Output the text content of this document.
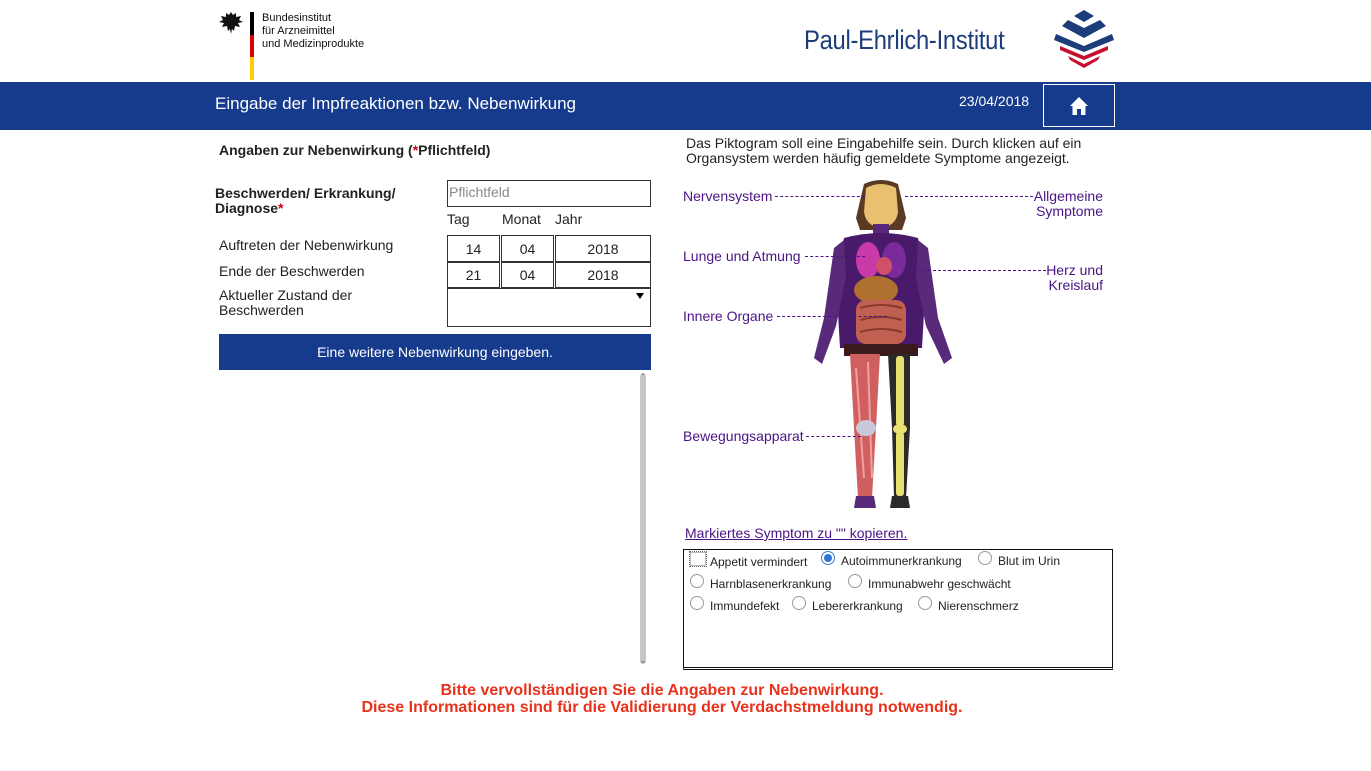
Bundesinstitut
für Arzneimittel
und Medizinprodukte	Paul-Ehrlich-Institut
Eingabe der Impfreaktionen bzw. Nebenwirkung	23/04/2018
Angaben zur Nebenwirkung (*Pflichtfeld)
Beschwerden/ Erkrankung/ Diagnose*
Pflichtfeld
Tag Monat Jahr
Auftreten der Nebenwirkung	14	04	2018
Ende der Beschwerden	21	04	2018
Aktueller Zustand der Beschwerden
Eine weitere Nebenwirkung eingeben.
⌃
⌄
Das Piktogram soll eine Eingabehilfe sein. Durch klicken auf ein Organsystem werden häufig gemeldete Symptome angezeigt.
Nervensystem	Allgemeine
Symptome
Lunge und Atmung
Herz und
Kreislauf
Innere Organe
Bewegungsapparat
Markiertes Symptom zu "" kopieren.
Appetit vermindert	Autoimmunerkrankung	Blut im Urin
Harnblasenerkrankung	Immunabwehr geschwächt
Immundefekt	Lebererkrankung	Nierenschmerz
Bitte vervollständigen Sie die Angaben zur Nebenwirkung.
Diese Informationen sind für die Validierung der Verdachstmeldung notwendig.
